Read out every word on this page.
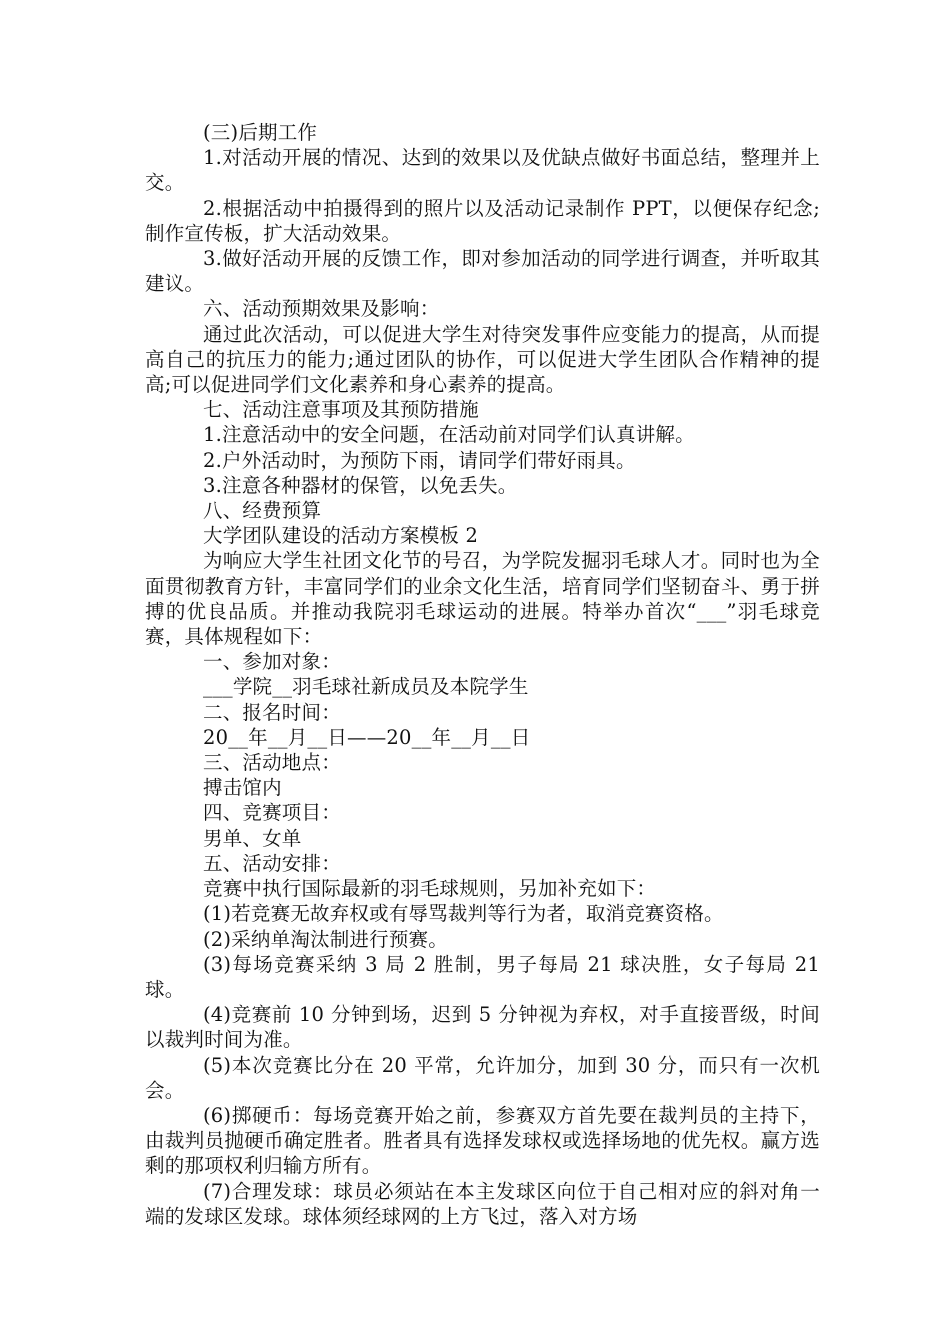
(三)后期工作

1.对活动开展的情况、达到的效果以及优缺点做好书面总结，整理并上交。

2.根据活动中拍摄得到的照片以及活动记录制作 PPT，以便保存纪念;制作宣传板，扩大活动效果。

3.做好活动开展的反馈工作，即对参加活动的同学进行调查，并听取其建议。

六、活动预期效果及影响：

通过此次活动，可以促进大学生对待突发事件应变能力的提高，从而提高自己的抗压力的能力;通过团队的协作，可以促进大学生团队合作精神的提高;可以促进同学们文化素养和身心素养的提高。

七、活动注意事项及其预防措施

1.注意活动中的安全问题，在活动前对同学们认真讲解。

2.户外活动时，为预防下雨，请同学们带好雨具。

3.注意各种器材的保管，以免丢失。

八、经费预算

大学团队建设的活动方案模板 2

为响应大学生社团文化节的号召，为学院发掘羽毛球人才。同时也为全面贯彻教育方针，丰富同学们的业余文化生活，培育同学们坚韧奋斗、勇于拼搏的优良品质。并推动我院羽毛球运动的进展。特举办首次“___”羽毛球竞赛，具体规程如下：

一、参加对象：

___学院__羽毛球社新成员及本院学生

二、报名时间：

20__年__月__日——20__年__月__日

三、活动地点：

搏击馆内

四、竞赛项目：

男单、女单

五、活动安排：

竞赛中执行国际最新的羽毛球规则，另加补充如下：

(1)若竞赛无故弃权或有辱骂裁判等行为者，取消竞赛资格。

(2)采纳单淘汰制进行预赛。

(3)每场竞赛采纳 3 局 2 胜制，男子每局 21 球决胜，女子每局 21 球。

(4)竞赛前 10 分钟到场，迟到 5 分钟视为弃权，对手直接晋级，时间以裁判时间为准。

(5)本次竞赛比分在 20 平常，允许加分，加到 30 分，而只有一次机会。

(6)掷硬币：每场竞赛开始之前，参赛双方首先要在裁判员的主持下，由裁判员抛硬币确定胜者。胜者具有选择发球权或选择场地的优先权。赢方选剩的那项权利归输方所有。

(7)合理发球：球员必须站在本主发球区向位于自己相对应的斜对角一端的发球区发球。球体须经球网的上方飞过，落入对方场
